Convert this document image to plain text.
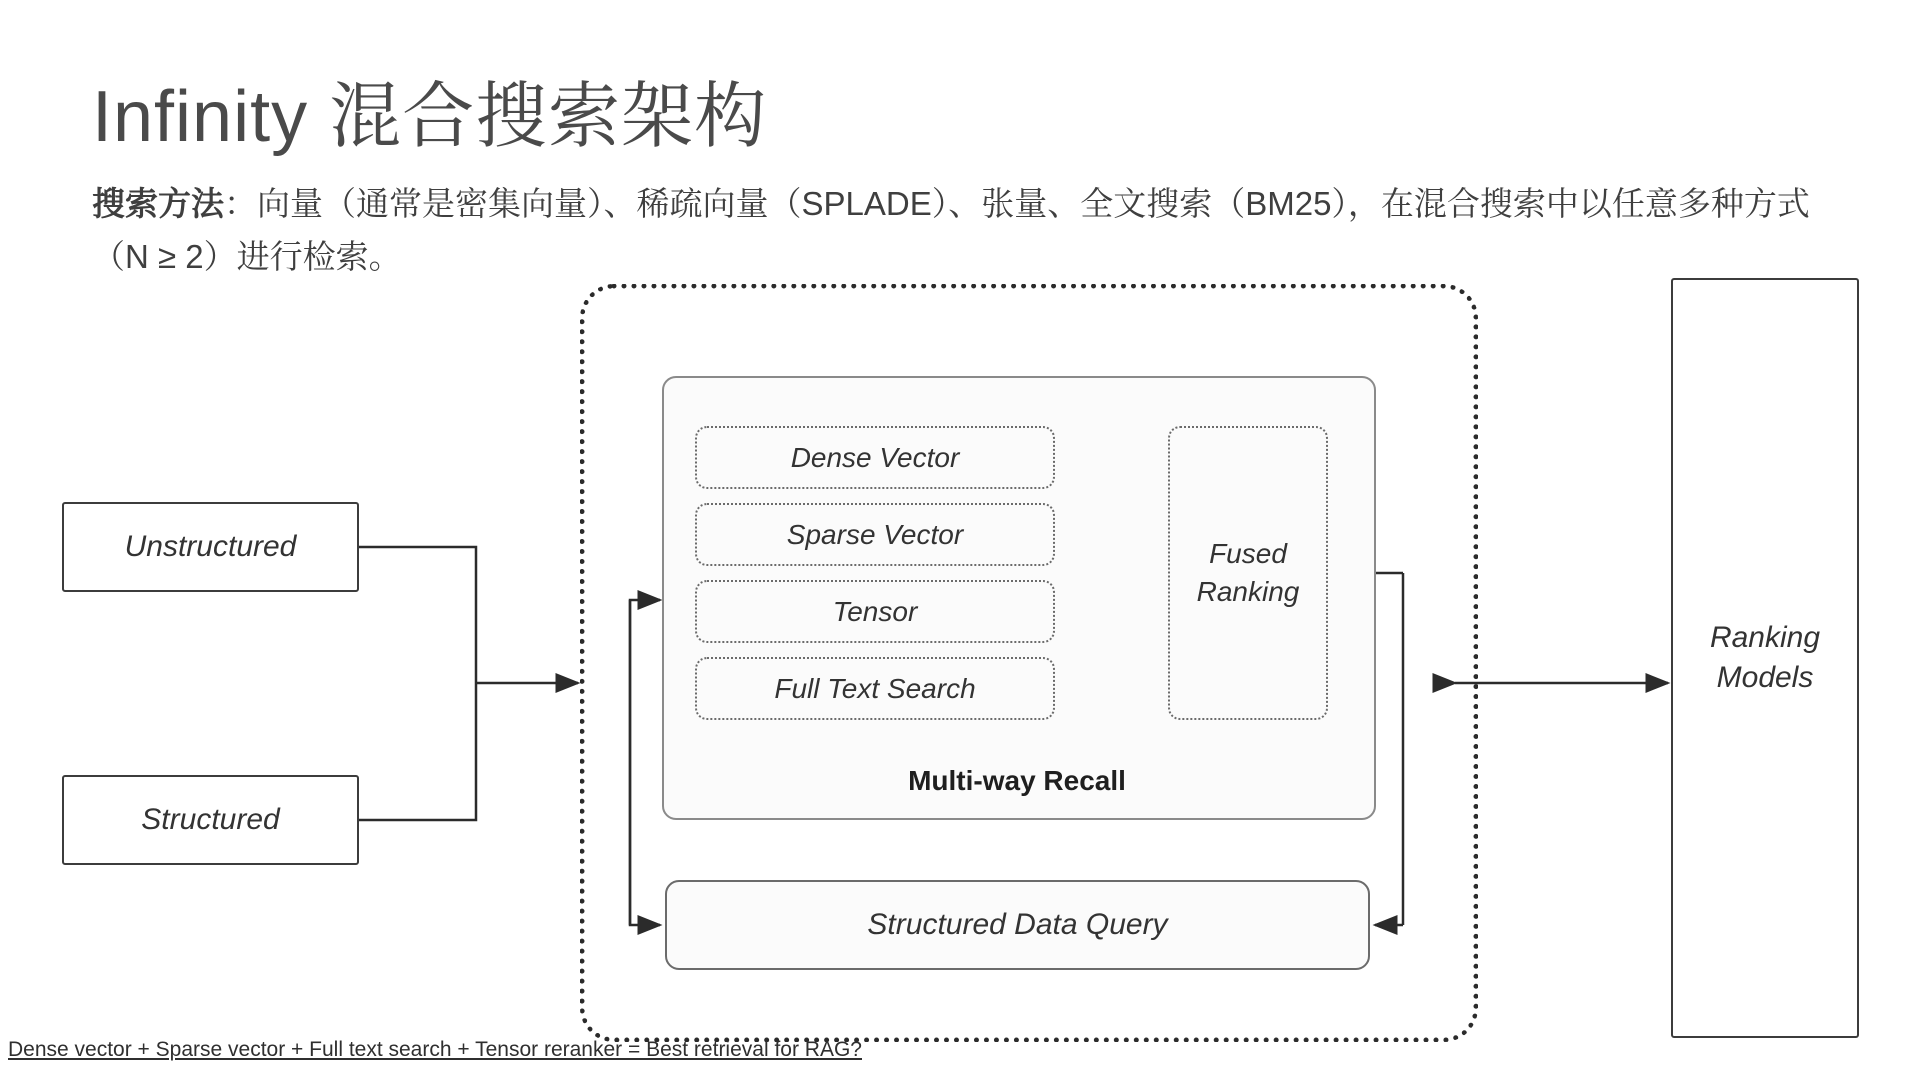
Infinity 混合搜索架构
搜索方法：向量（通常是密集向量）、稀疏向量（SPLADE）、张量、全文搜索（BM25），在混合搜索中以任意多种方式（N ≥ 2）进行检索。
Unstructured
Structured
Dense Vector
Sparse Vector
Tensor
Full Text Search
Fused
Ranking
Multi-way Recall
Structured Data Query
Ranking
Models
Dense vector + Sparse vector + Full text search + Tensor reranker = Best retrieval for RAG?
